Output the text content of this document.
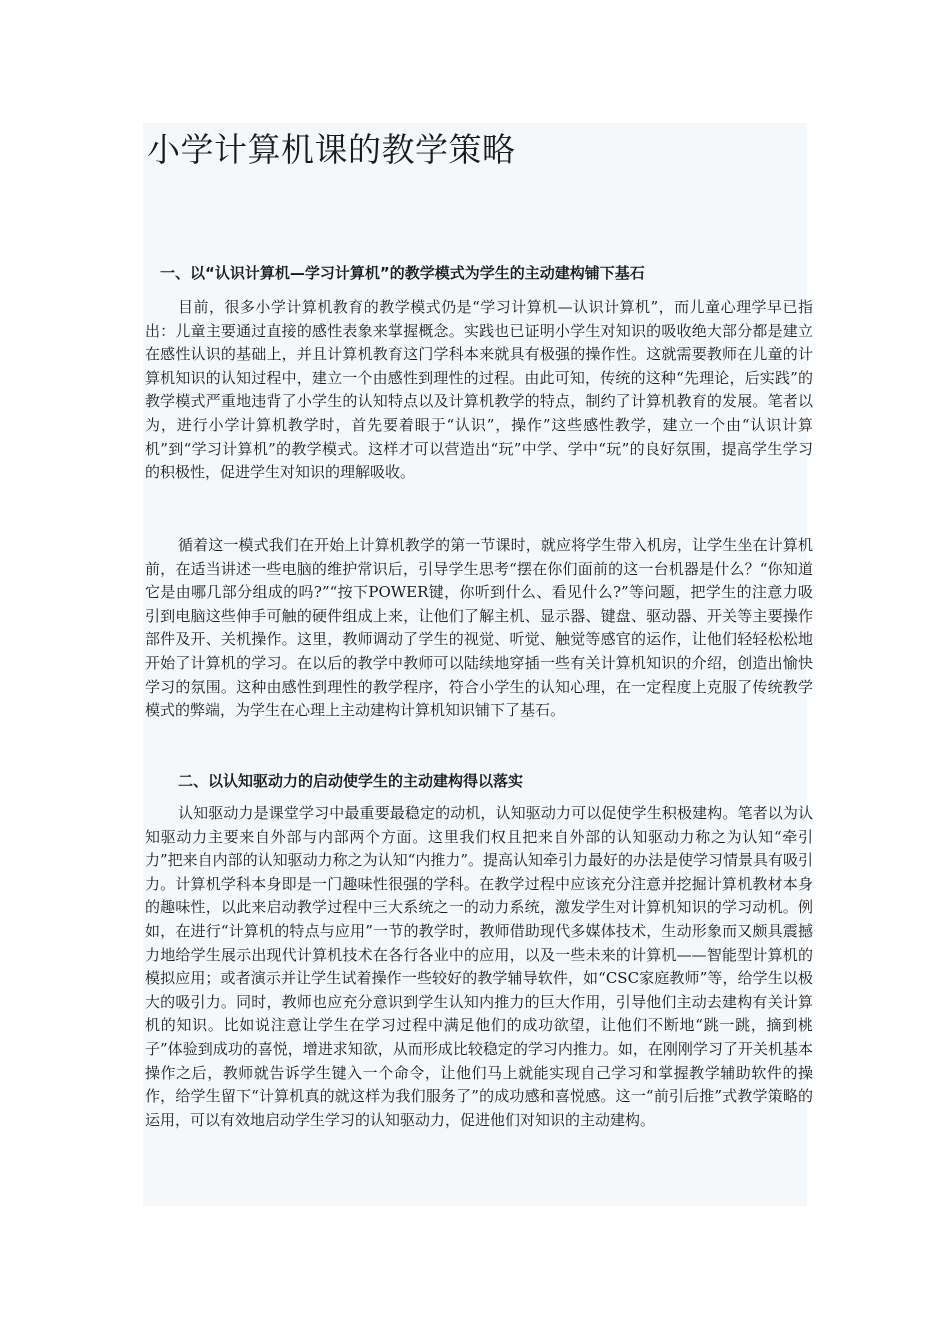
小学计算机课的教学策略
一、以“认识计算机—学习计算机”的教学模式为学生的主动建构铺下基石

目前，很多小学计算机教育的教学模式仍是“学习计算机—认识计算机”，而儿童心理学早已指出：儿童主要通过直接的感性表象来掌握概念。实践也已证明小学生对知识的吸收绝大部分都是建立在感性认识的基础上，并且计算机教育这门学科本来就具有极强的操作性。这就需要教师在儿童的计算机知识的认知过程中，建立一个由感性到理性的过程。由此可知，传统的这种“先理论，后实践”的教学模式严重地违背了小学生的认知特点以及计算机教学的特点，制约了计算机教育的发展。笔者以为，进行小学计算机教学时，首先要着眼于“认识”，操作”这些感性教学，建立一个由“认识计算机”到“学习计算机”的教学模式。这样才可以营造出“玩”中学、学中“玩”的良好氛围，提高学生学习的积极性，促进学生对知识的理解吸收。

循着这一模式我们在开始上计算机教学的第一节课时，就应将学生带入机房，让学生坐在计算机前，在适当讲述一些电脑的维护常识后，引导学生思考“摆在你们面前的这一台机器是什么？“你知道它是由哪几部分组成的吗?”“按下POWER键，你听到什么、看见什么?”等问题，把学生的注意力吸引到电脑这些伸手可触的硬件组成上来，让他们了解主机、显示器、键盘、驱动器、开关等主要操作部件及开、关机操作。这里，教师调动了学生的视觉、听觉、触觉等感官的运作，让他们轻轻松松地开始了计算机的学习。在以后的教学中教师可以陆续地穿插一些有关计算机知识的介绍，创造出愉快学习的氛围。这种由感性到理性的教学程序，符合小学生的认知心理，在一定程度上克服了传统教学模式的弊端，为学生在心理上主动建构计算机知识铺下了基石。

二、以认知驱动力的启动使学生的主动建构得以落实

认知驱动力是课堂学习中最重要最稳定的动机，认知驱动力可以促使学生积极建构。笔者以为认知驱动力主要来自外部与内部两个方面。这里我们权且把来自外部的认知驱动力称之为认知“牵引力”把来自内部的认知驱动力称之为认知“内推力”。提高认知牵引力最好的办法是使学习情景具有吸引力。计算机学科本身即是一门趣味性很强的学科。在教学过程中应该充分注意并挖掘计算机教材本身的趣味性，以此来启动教学过程中三大系统之一的动力系统，激发学生对计算机知识的学习动机。例如，在进行“计算机的特点与应用”一节的教学时，教师借助现代多媒体技术，生动形象而又颇具震撼力地给学生展示出现代计算机技术在各行各业中的应用，以及一些未来的计算机——智能型计算机的模拟应用；或者演示并让学生试着操作一些较好的教学辅导软件，如“CSC家庭教师”等，给学生以极大的吸引力。同时，教师也应充分意识到学生认知内推力的巨大作用，引导他们主动去建构有关计算机的知识。比如说注意让学生在学习过程中满足他们的成功欲望，让他们不断地“跳一跳，摘到桃子”体验到成功的喜悦，增进求知欲，从而形成比较稳定的学习内推力。如，在刚刚学习了开关机基本操作之后，教师就告诉学生键入一个命令，让他们马上就能实现自己学习和掌握教学辅助软件的操作，给学生留下“计算机真的就这样为我们服务了”的成功感和喜悦感。这一“前引后推”式教学策略的运用，可以有效地启动学生学习的认知驱动力，促进他们对知识的主动建构。
